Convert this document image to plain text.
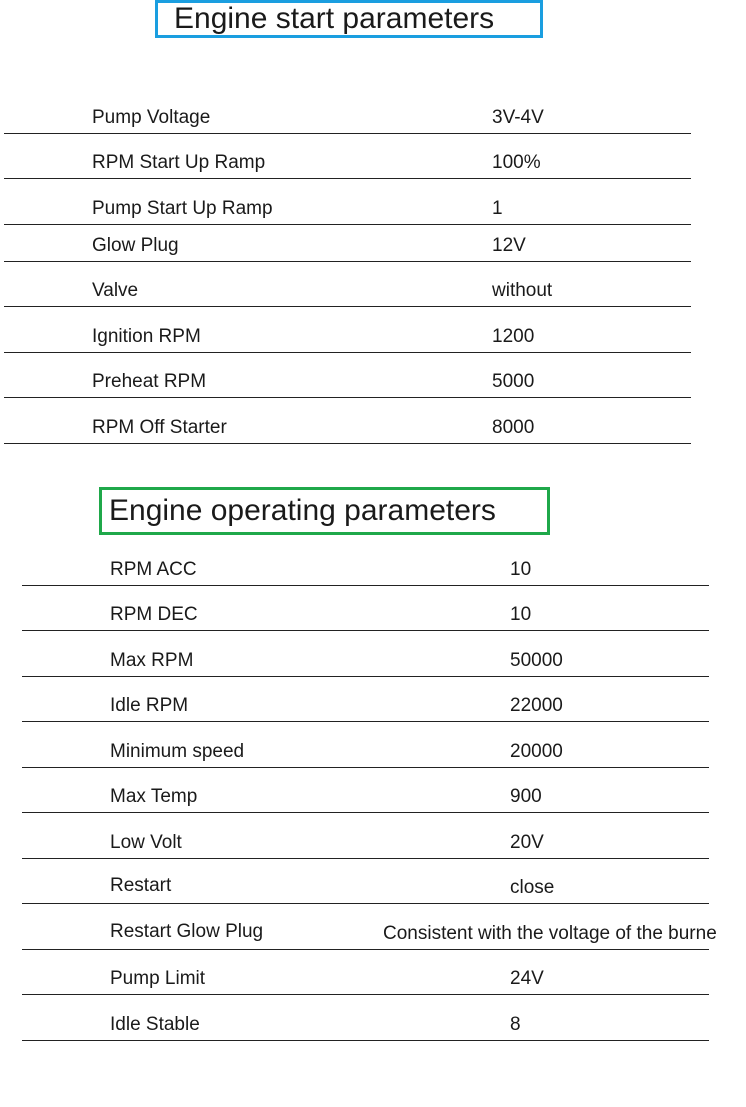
Engine start parameters
Pump Voltage	3V-4V
RPM Start Up Ramp	100%
Pump Start Up Ramp	1
Glow Plug	12V
Valve	without
Ignition RPM	1200
Preheat RPM	5000
RPM Off Starter	8000
Engine operating parameters
RPM ACC	10
RPM DEC	10
Max RPM	50000
Idle RPM	22000
Minimum speed	20000
Max Temp	900
Low Volt	20V
Restart	close
Restart Glow Plug	Consistent with the voltage of the burne
Pump Limit	24V
Idle Stable	8
